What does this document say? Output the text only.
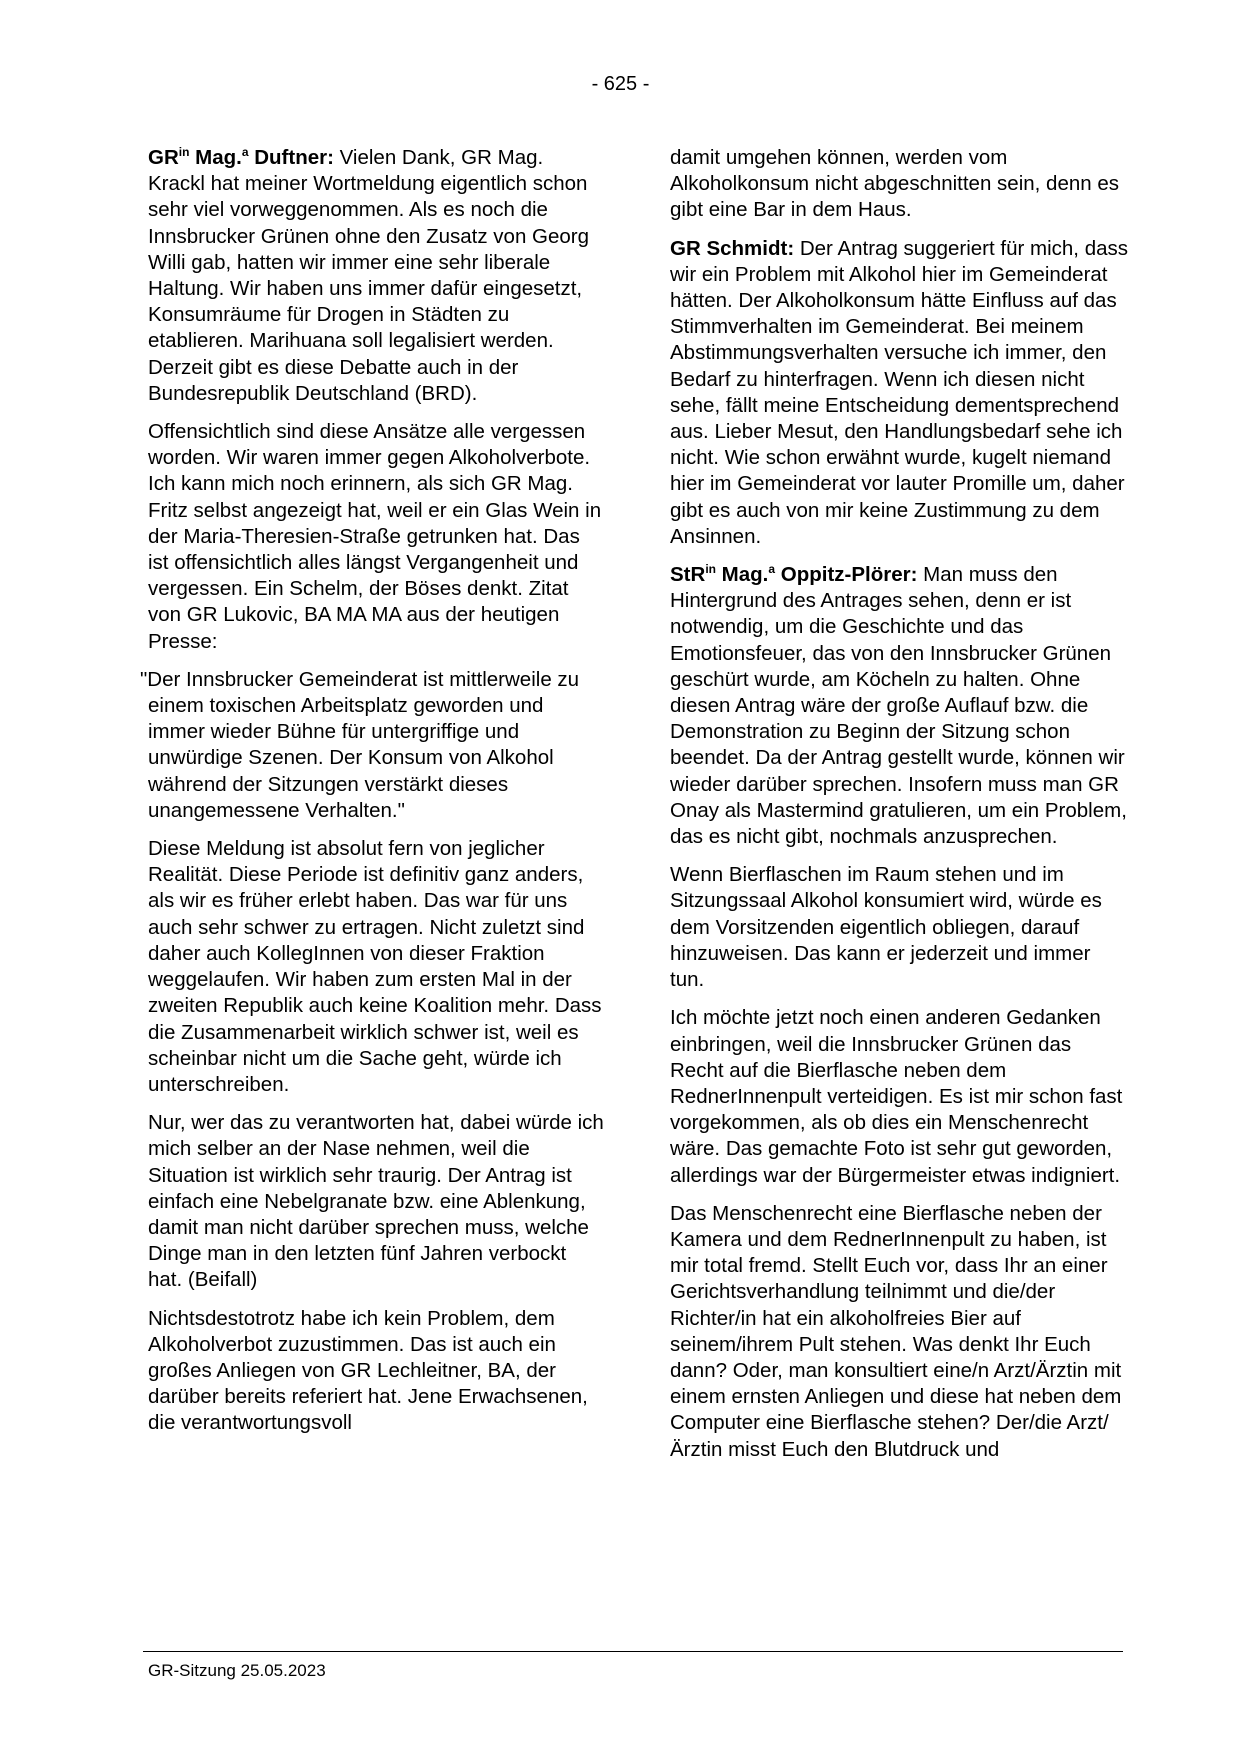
- 625 -

$GR^{in}$ Mag.$^a$ Duftner: Vielen Dank, GR Mag. Krackl hat meiner Wortmeldung eigentlich schon sehr viel vorweggenommen. Als es noch die Innsbrucker Grünen ohne den Zusatz von Georg Willi gab, hatten wir immer eine sehr liberale Haltung. Wir haben uns immer dafür eingesetzt, Konsumräume für Drogen in Städten zu etablieren. Marihuana soll legalisiert werden. Derzeit gibt es diese Debatte auch in der Bundesrepublik Deutschland (BRD).

Offensichtlich sind diese Ansätze alle vergessen worden. Wir waren immer gegen Alkoholverbote. Ich kann mich noch erinnern, als sich GR Mag. Fritz selbst angezeigt hat, weil er ein Glas Wein in der Maria-Theresien-Straße getrunken hat. Das ist offensichtlich alles längst Vergangenheit und vergessen. Ein Schelm, der Böses denkt. Zitat von GR Lukovic, BA MA MA aus der heutigen Presse:

"Der Innsbrucker Gemeinderat ist mittlerweile zu einem toxischen Arbeitsplatz geworden und immer wieder Bühne für untergriffige und unwürdige Szenen. Der Konsum von Alkohol während der Sitzungen verstärkt dieses unangemessene Verhalten."

Diese Meldung ist absolut fern von jeglicher Realität. Diese Periode ist definitiv ganz anders, als wir es früher erlebt haben. Das war für uns auch sehr schwer zu ertragen. Nicht zuletzt sind daher auch KollegInnen von dieser Fraktion weggelaufen. Wir haben zum ersten Mal in der zweiten Republik auch keine Koalition mehr. Dass die Zusammenarbeit wirklich schwer ist, weil es scheinbar nicht um die Sache geht, würde ich unterschreiben.

Nur, wer das zu verantworten hat, dabei würde ich mich selber an der Nase nehmen, weil die Situation ist wirklich sehr traurig. Der Antrag ist einfach eine Nebelgranate bzw. eine Ablenkung, damit man nicht darüber sprechen muss, welche Dinge man in den letzten fünf Jahren verbockt hat. (Beifall)

Nichtsdestotrotz habe ich kein Problem, dem Alkoholverbot zuzustimmen. Das ist auch ein großes Anliegen von GR Lechleitner, BA, der darüber bereits referiert hat. Jene Erwachsenen, die verantwortungsvoll

damit umgehen können, werden vom Alkoholkonsum nicht abgeschnitten sein, denn es gibt eine Bar in dem Haus.

GR Schmidt: Der Antrag suggeriert für mich, dass wir ein Problem mit Alkohol hier im Gemeinderat hätten. Der Alkoholkonsum hätte Einfluss auf das Stimmverhalten im Gemeinderat. Bei meinem Abstimmungsverhalten versuche ich immer, den Bedarf zu hinterfragen. Wenn ich diesen nicht sehe, fällt meine Entscheidung dementsprechend aus. Lieber Mesut, den Handlungsbedarf sehe ich nicht. Wie schon erwähnt wurde, kugelt niemand hier im Gemeinderat vor lauter Promille um, daher gibt es auch von mir keine Zustimmung zu dem Ansinnen.

StR$^{in}$ Mag.$^a$ Oppitz-Plörer: Man muss den Hintergrund des Antrages sehen, denn er ist notwendig, um die Geschichte und das Emotionsfeuer, das von den Innsbrucker Grünen geschürt wurde, am Köcheln zu halten. Ohne diesen Antrag wäre der große Auflauf bzw. die Demonstration zu Beginn der Sitzung schon beendet. Da der Antrag gestellt wurde, können wir wieder darüber sprechen. Insofern muss man GR Onay als Mastermind gratulieren, um ein Problem, das es nicht gibt, nochmals anzusprechen.

Wenn Bierflaschen im Raum stehen und im Sitzungssaal Alkohol konsumiert wird, würde es dem Vorsitzenden eigentlich obliegen, darauf hinzuweisen. Das kann er jederzeit und immer tun.

Ich möchte jetzt noch einen anderen Gedanken einbringen, weil die Innsbrucker Grünen das Recht auf die Bierflasche neben dem RednerInnenpult verteidigen. Es ist mir schon fast vorgekommen, als ob dies ein Menschenrecht wäre. Das gemachte Foto ist sehr gut geworden, allerdings war der Bürgermeister etwas indigniert.

Das Menschenrecht eine Bierflasche neben der Kamera und dem RednerInnenpult zu haben, ist mir total fremd. Stellt Euch vor, dass Ihr an einer Gerichtsverhandlung teilnimmt und die/der Richter/in hat ein alkoholfreies Bier auf seinem/ihrem Pult stehen. Was denkt Ihr Euch dann? Oder, man konsultiert eine/n Arzt/Ärztin mit einem ernsten Anliegen und diese hat neben dem Computer eine Bierflasche stehen? Der/die Arzt/Ärztin misst Euch den Blutdruck und

GR-Sitzung 25.05.2023
